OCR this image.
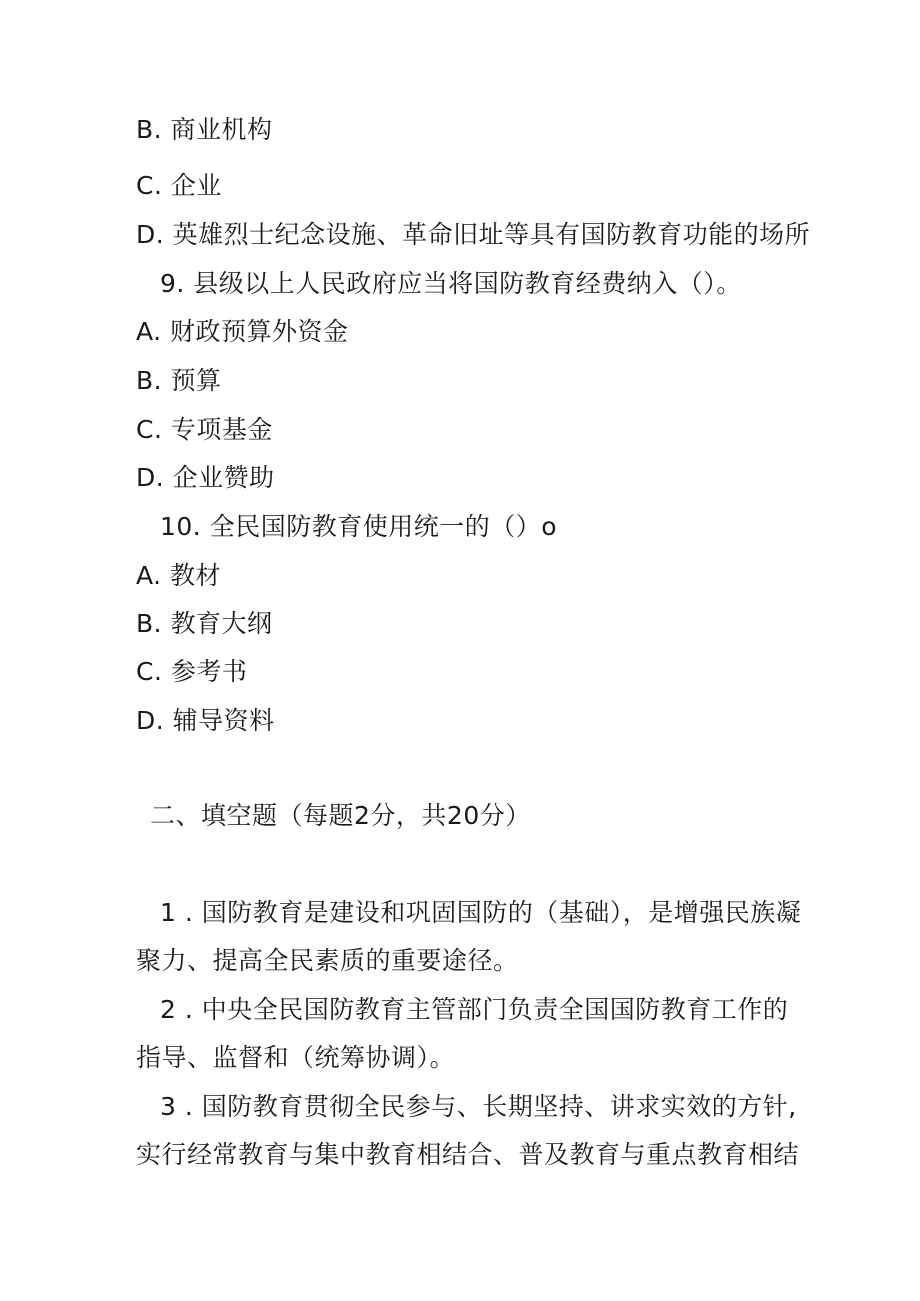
B. 商业机构
C. 企业
D. 英雄烈士纪念设施、革命旧址等具有国防教育功能的场所
9. 县级以上人民政府应当将国防教育经费纳入（）。
A. 财政预算外资金
B. 预算
C. 专项基金
D. 企业赞助
10. 全民国防教育使用统一的（）o
A. 教材
B. 教育大纲
C. 参考书
D. 辅导资料
二、填空题（每题2分，共20分）
1 . 国防教育是建设和巩固国防的（基础），是增强民族凝
聚力、提高全民素质的重要途径。
2 . 中央全民国防教育主管部门负责全国国防教育工作的
指导、监督和（统筹协调）。
3 . 国防教育贯彻全民参与、长期坚持、讲求实效的方针,
实行经常教育与集中教育相结合、普及教育与重点教育相结
